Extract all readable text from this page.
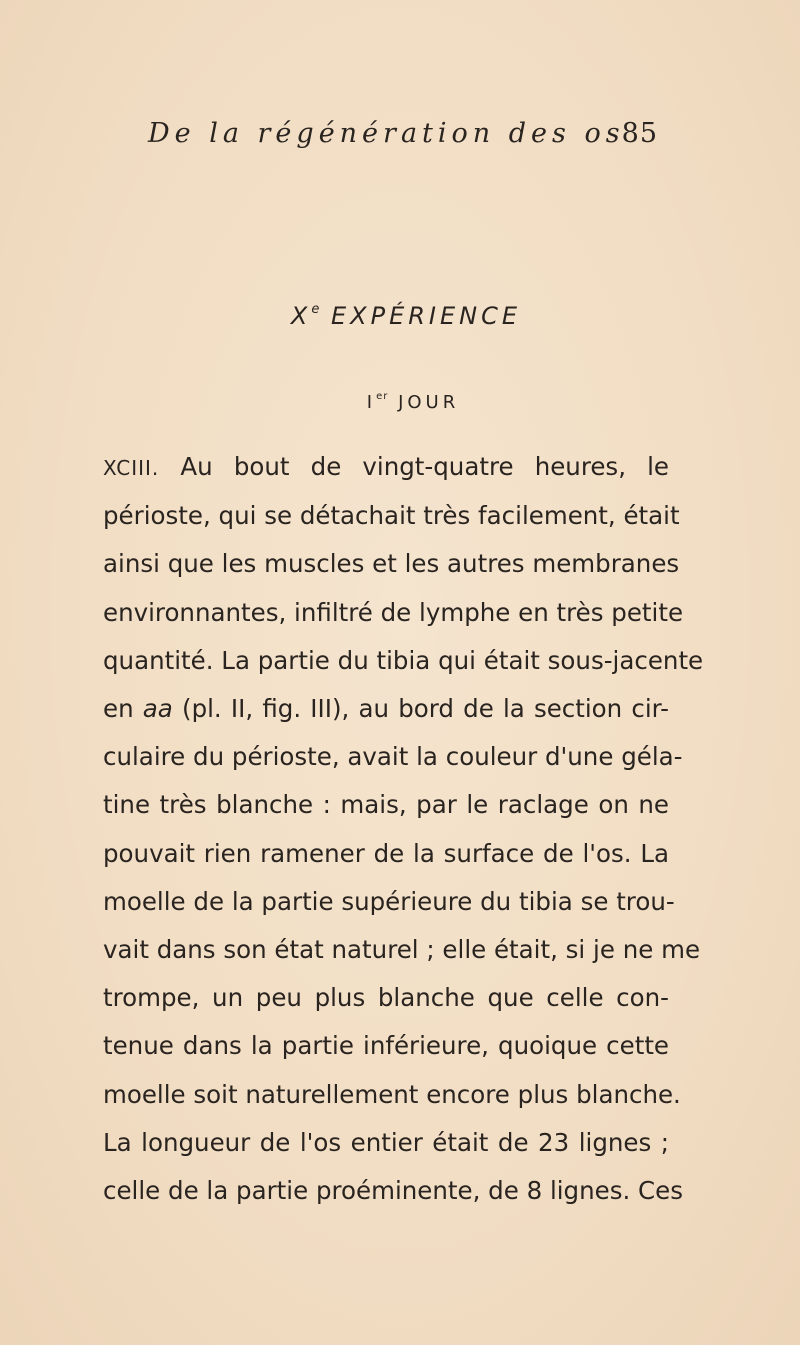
De la régénération des os
85
Xe EXPÉRIENCE
Ier JOUR
XCIII. Au bout de vingt-quatre heures, le
périoste, qui se détachait très facilement, était
ainsi que les muscles et les autres membranes
environnantes, infiltré de lymphe en très petite
quantité. La partie du tibia qui était sous-jacente
en aa (pl. II, fig. III), au bord de la section cir-
culaire du périoste, avait la couleur d'une géla-
tine très blanche : mais, par le raclage on ne
pouvait rien ramener de la surface de l'os. La
moelle de la partie supérieure du tibia se trou-
vait dans son état naturel ; elle était, si je ne me
trompe, un peu plus blanche que celle con-
tenue dans la partie inférieure, quoique cette
moelle soit naturellement encore plus blanche.
La longueur de l'os entier était de 23 lignes ;
celle de la partie proéminente, de 8 lignes. Ces
